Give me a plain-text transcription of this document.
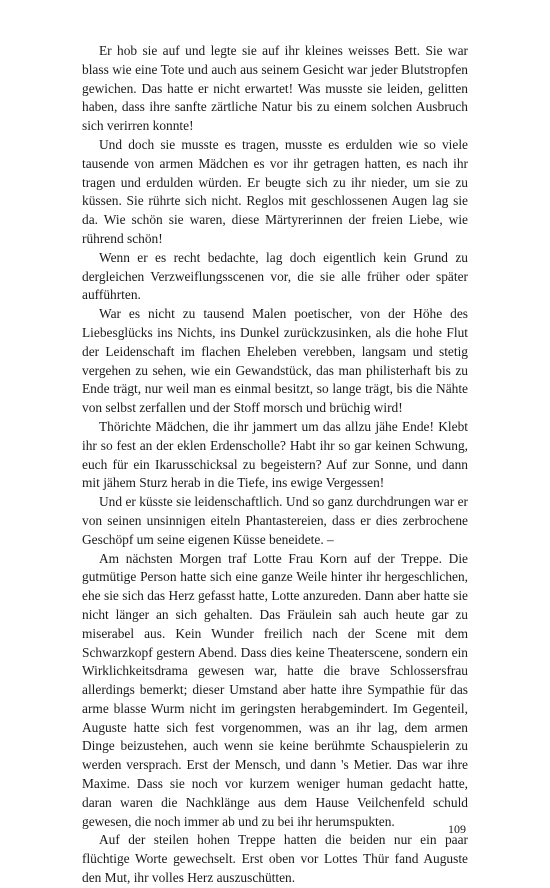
Er hob sie auf und legte sie auf ihr kleines weisses Bett. Sie war blass wie eine Tote und auch aus seinem Gesicht war jeder Blutstropfen gewichen. Das hatte er nicht erwartet! Was musste sie leiden, gelitten haben, dass ihre sanfte zärtliche Natur bis zu einem solchen Ausbruch sich verirren konnte!

Und doch sie musste es tragen, musste es erdulden wie so viele tausende von armen Mädchen es vor ihr getragen hatten, es nach ihr tragen und erdulden würden. Er beugte sich zu ihr nieder, um sie zu küssen. Sie rührte sich nicht. Reglos mit geschlossenen Augen lag sie da. Wie schön sie waren, diese Märtyrerinnen der freien Liebe, wie rührend schön!

Wenn er es recht bedachte, lag doch eigentlich kein Grund zu dergleichen Verzweiflungsscenen vor, die sie alle früher oder später aufführten.

War es nicht zu tausend Malen poetischer, von der Höhe des Liebesglücks ins Nichts, ins Dunkel zurückzusinken, als die hohe Flut der Leidenschaft im flachen Eheleben verebben, langsam und stetig vergehen zu sehen, wie ein Gewandstück, das man philisterhaft bis zu Ende trägt, nur weil man es einmal besitzt, so lange trägt, bis die Nähte von selbst zerfallen und der Stoff morsch und brüchig wird!

Thörichte Mädchen, die ihr jammert um das allzu jähe Ende! Klebt ihr so fest an der eklen Erdenscholle? Habt ihr so gar keinen Schwung, euch für ein Ikarusschicksal zu begeistern? Auf zur Sonne, und dann mit jähem Sturz herab in die Tiefe, ins ewige Vergessen!

Und er küsste sie leidenschaftlich. Und so ganz durchdrungen war er von seinen unsinnigen eiteln Phantastereien, dass er dies zerbrochene Geschöpf um seine eigenen Küsse beneidete. –

Am nächsten Morgen traf Lotte Frau Korn auf der Treppe. Die gutmütige Person hatte sich eine ganze Weile hinter ihr hergeschlichen, ehe sie sich das Herz gefasst hatte, Lotte anzureden. Dann aber hatte sie nicht länger an sich gehalten. Das Fräulein sah auch heute gar zu miserabel aus. Kein Wunder freilich nach der Scene mit dem Schwarzkopf gestern Abend. Dass dies keine Theaterscene, sondern ein Wirklichkeitsdrama gewesen war, hatte die brave Schlossersfrau allerdings bemerkt; dieser Umstand aber hatte ihre Sympathie für das arme blasse Wurm nicht im geringsten herabgemindert. Im Gegenteil, Auguste hatte sich fest vorgenommen, was an ihr lag, dem armen Dinge beizustehen, auch wenn sie keine berühmte Schauspielerin zu werden versprach. Erst der Mensch, und dann 's Metier. Das war ihre Maxime. Dass sie noch vor kurzem weniger human gedacht hatte, daran waren die Nachklänge aus dem Hause Veilchenfeld schuld gewesen, die noch immer ab und zu bei ihr herumspukten.

Auf der steilen hohen Treppe hatten die beiden nur ein paar flüchtige Worte gewechselt. Erst oben vor Lottes Thür fand Auguste den Mut, ihr volles Herz auszuschütten.

109
